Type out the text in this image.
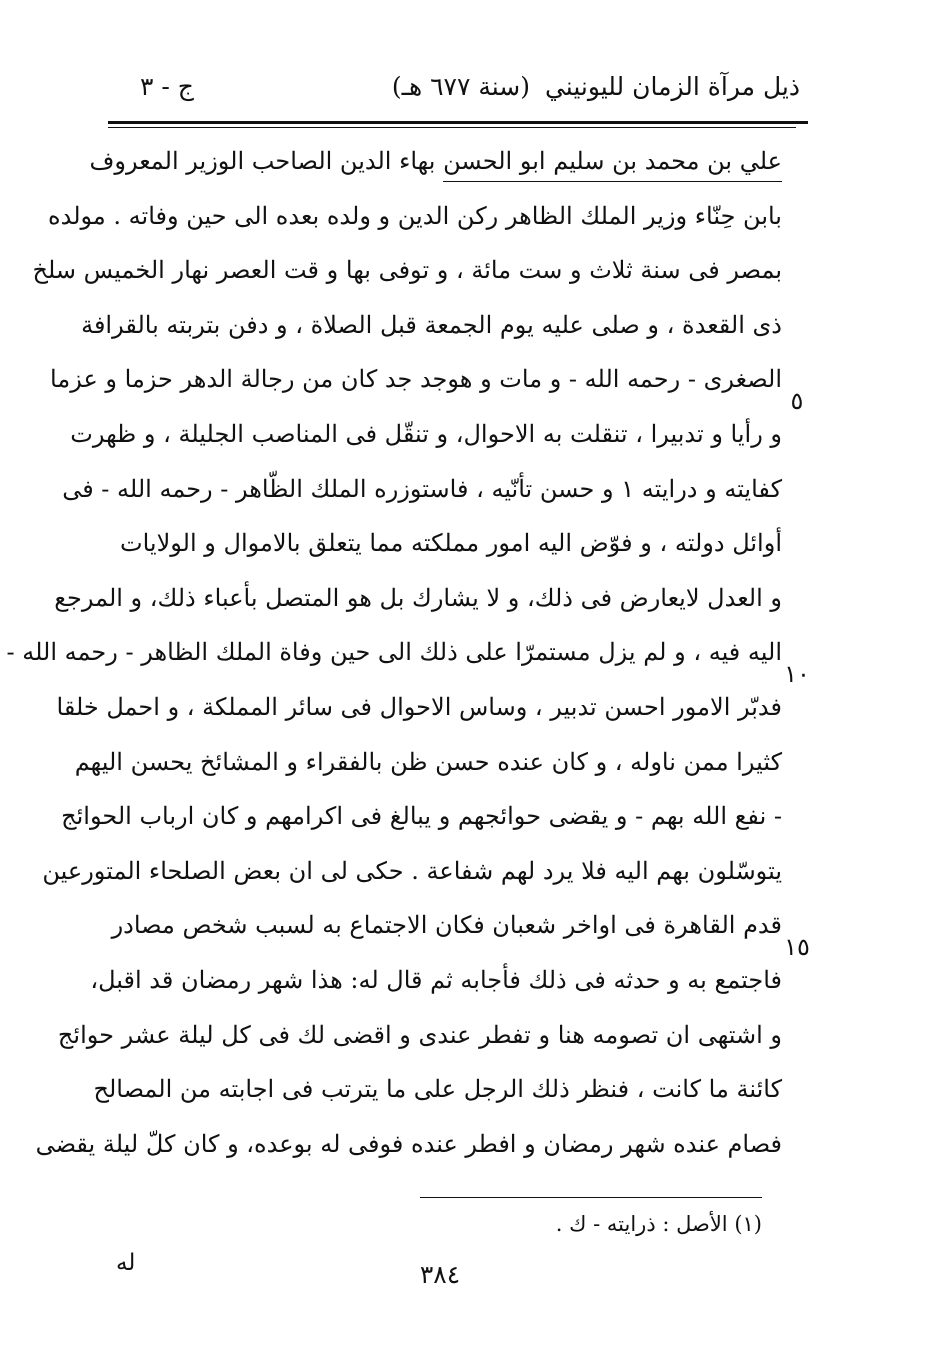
ذيل مرآة الزمان لليونيني
(سنة ٦٧٧ هـ)
ج - ٣
علي بن محمد بن سليم ابو الحسن بهاء الدين الصاحب الوزير المعروف
بابن حِنّاء وزير الملك الظاهر ركن الدين و ولده بعده الى حين وفاته . مولده
بمصر فى سنة ثلاث و ست مائة ، و توفى بها و قت العصر نهار الخميس سلخ
ذى القعدة ، و صلى عليه يوم الجمعة قبل الصلاة ، و دفن بتربته بالقرافة
الصغرى - رحمه الله - و مات و هوجد جد كان من رجالة الدهر حزما و عزما
و رأيا و تدبيرا ، تنقلت به الاحوال، و تنقّل فى المناصب الجليلة ، و ظهرت
كفايته و درايته ١ و حسن تأنّيه ، فاستوزره الملك الظّاهر - رحمه الله - فى
أوائل دولته ، و فوّض اليه امور مملكته مما يتعلق بالاموال و الولايات
و العدل لايعارض فى ذلك، و لا يشارك بل هو المتصل بأعباء ذلك، و المرجع
اليه فيه ، و لم يزل مستمرّا على ذلك الى حين وفاة الملك الظاهر - رحمه الله -
فدبّر الامور احسن تدبير ، وساس الاحوال فى سائر المملكة ، و احمل خلقا
كثيرا ممن ناوله ، و كان عنده حسن ظن بالفقراء و المشائخ يحسن اليهم
- نفع الله بهم - و يقضى حوائجهم و يبالغ فى اكرامهم و كان ارباب الحوائج
يتوسّلون بهم اليه فلا يرد لهم شفاعة . حكى لى ان بعض الصلحاء المتورعين
قدم القاهرة فى اواخر شعبان فكان الاجتماع به لسبب شخص مصادر
فاجتمع به و حدثه فى ذلك فأجابه ثم قال له: هذا شهر رمضان قد اقبل،
و اشتهى ان تصومه هنا و تفطر عندى و اقضى لك فى كل ليلة عشر حوائج
كائنة ما كانت ، فنظر ذلك الرجل على ما يترتب فى اجابته من المصالح
فصام عنده شهر رمضان و افطر عنده فوفى له بوعده، و كان كلّ ليلة يقضى
٥
١٠
١٥
(١) الأصل : ذرايته - ك .
له	٣٨٤
